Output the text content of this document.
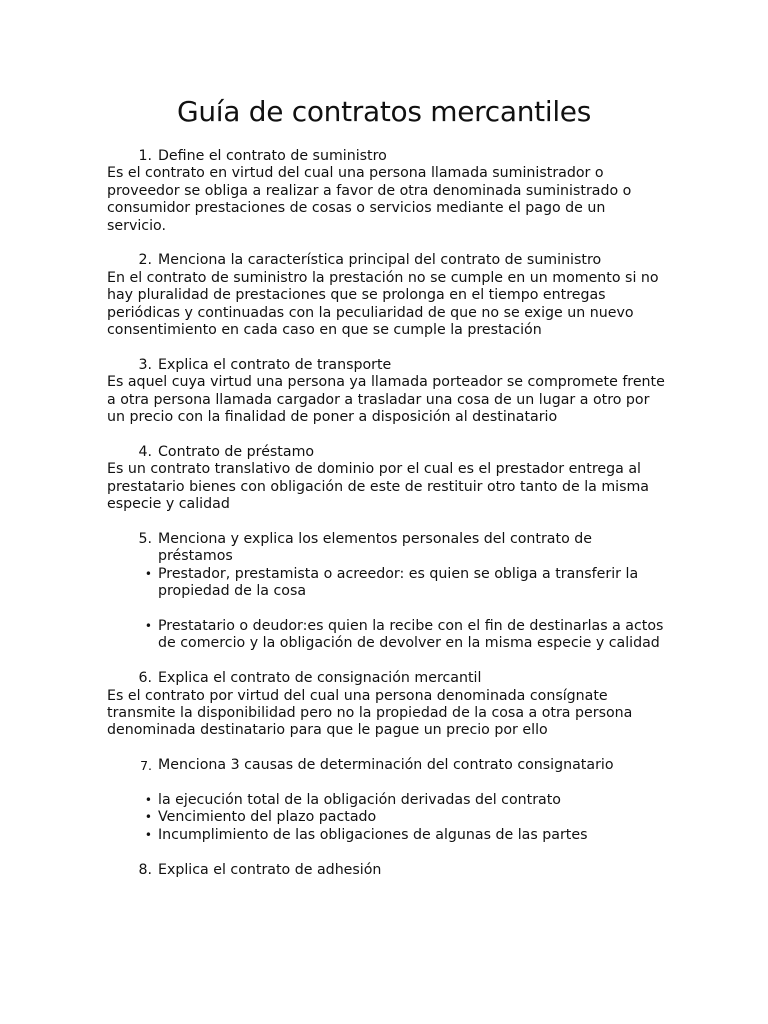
Guía de contratos mercantiles
1. Define el contrato de suministro

Es el contrato en virtud del cual una persona llamada suministrador o proveedor se obliga a realizar a favor de otra denominada suministrado o consumidor prestaciones de cosas o servicios mediante el pago de un servicio.

2. Menciona la característica principal del contrato de suministro

En el contrato de suministro la prestación no se cumple en un momento si no hay pluralidad de prestaciones que se prolonga en el tiempo entregas periódicas y continuadas con la peculiaridad de que no se exige un nuevo consentimiento en cada caso en que se cumple la prestación

3. Explica el contrato de transporte

Es aquel cuya virtud una persona ya llamada porteador se compromete frente a otra persona llamada cargador a trasladar una cosa de un lugar a otro por un precio con la finalidad de poner a disposición al destinatario

4. Contrato de préstamo

Es un contrato translativo de dominio por el cual es el prestador entrega al prestatario bienes con obligación de este de restituir otro tanto de la misma especie y calidad

5. Menciona y explica los elementos personales del contrato de préstamos
• Prestador, prestamista o acreedor: es quien se obliga a transferir la propiedad de la cosa
• Prestatario o deudor:es quien la recibe con el fin de destinarlas a actos de comercio y la obligación de devolver en la misma especie y calidad
6. Explica el contrato de consignación mercantil

Es el contrato por virtud del cual una persona denominada consígnate transmite la disponibilidad pero no la propiedad de la cosa a otra persona denominada destinatario para que le pague un precio por ello

7. Menciona 3 causas de determinación del contrato consignatario
• la ejecución total de la obligación derivadas del contrato
• Vencimiento del plazo pactado
• Incumplimiento de las obligaciones de algunas de las partes
8. Explica el contrato de adhesión
